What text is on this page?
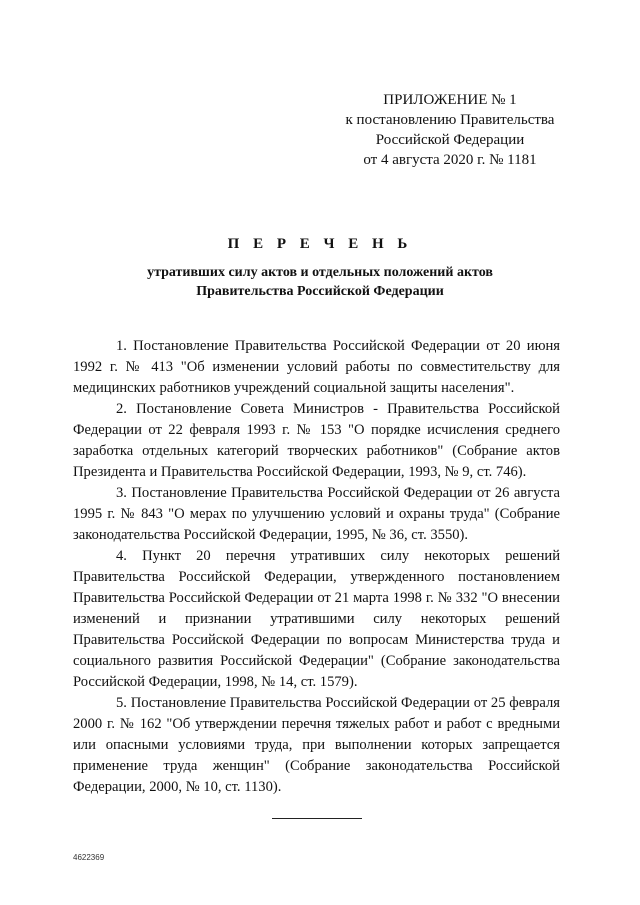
ПРИЛОЖЕНИЕ № 1
к постановлению Правительства
Российской Федерации
от 4 августа 2020 г. № 1181
П Е Р Е Ч Е Н Ь
утративших силу актов и отдельных положений актов
Правительства Российской Федерации

1. Постановление Правительства Российской Федерации от 20 июня 1992 г. № 413 "Об изменении условий работы по совместительству для медицинских работников учреждений социальной защиты населения".

2. Постановление Совета Министров - Правительства Российской Федерации от 22 февраля 1993 г. № 153 "О порядке исчисления среднего заработка отдельных категорий творческих работников" (Собрание актов Президента и Правительства Российской Федерации, 1993, № 9, ст. 746).

3. Постановление Правительства Российской Федерации от 26 августа 1995 г. № 843 "О мерах по улучшению условий и охраны труда" (Собрание законодательства Российской Федерации, 1995, № 36, ст. 3550).

4. Пункт 20 перечня утративших силу некоторых решений Правительства Российской Федерации, утвержденного постановлением Правительства Российской Федерации от 21 марта 1998 г. № 332 "О внесении изменений и признании утратившими силу некоторых решений Правительства Российской Федерации по вопросам Министерства труда и социального развития Российской Федерации" (Собрание законодательства Российской Федерации, 1998, № 14, ст. 1579).

5. Постановление Правительства Российской Федерации от 25 февраля 2000 г. № 162 "Об утверждении перечня тяжелых работ и работ с вредными или опасными условиями труда, при выполнении которых запрещается применение труда женщин" (Собрание законодательства Российской Федерации, 2000, № 10, ст. 1130).

4622369
